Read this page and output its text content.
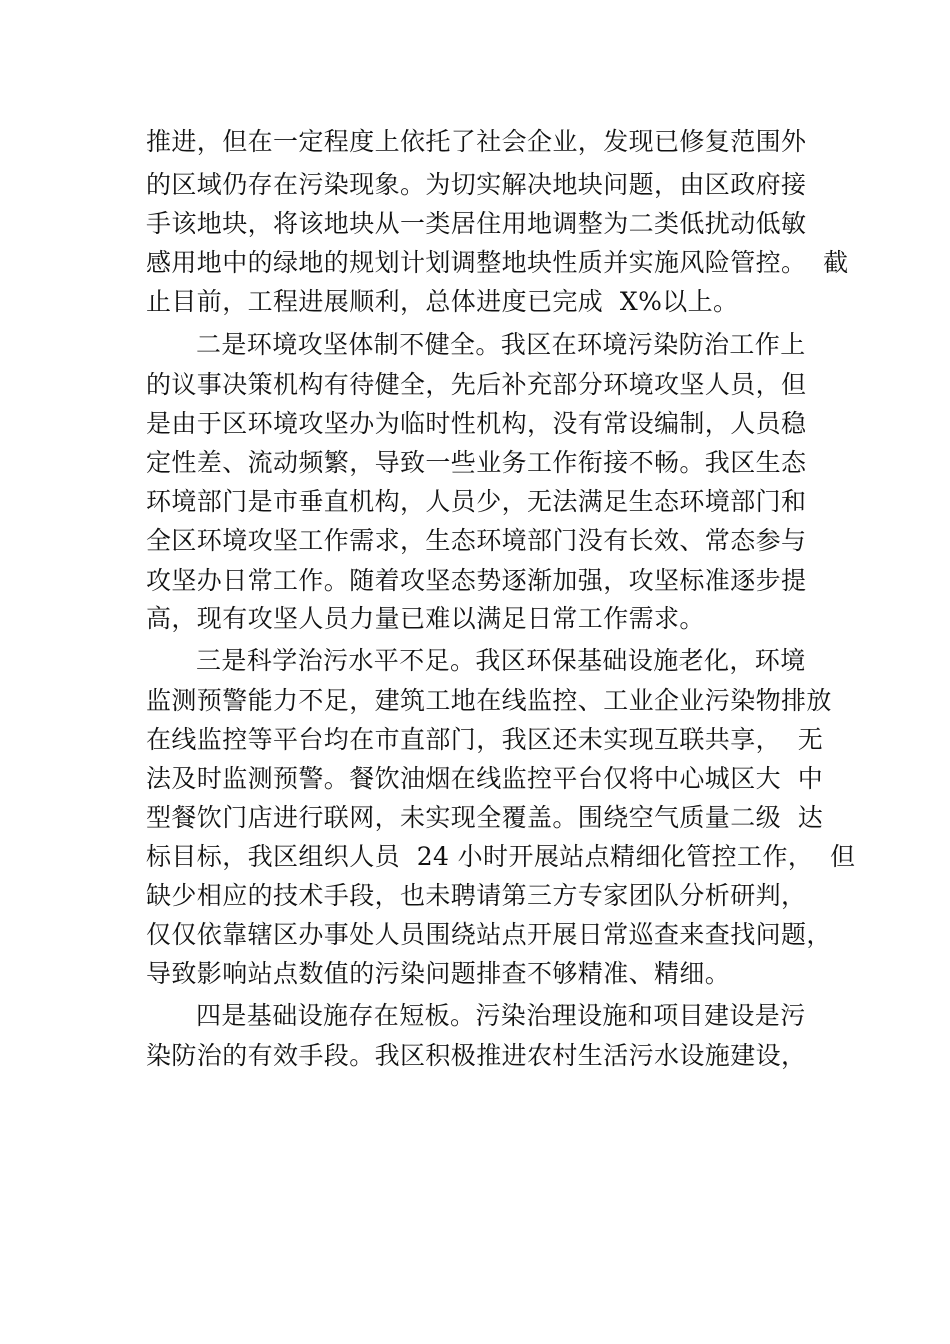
推进，但在一定程度上依托了社会企业，发现已修复范围外
的区域仍存在污染现象。为切实解决地块问题，由区政府接
手该地块，将该地块从一类居住用地调整为二类低扰动低敏
感用地中的绿地的规划计划调整地块性质并实施风险管控。  截
止目前，工程进展顺利，总体进度已完成  X%以上。
二是环境攻坚体制不健全。我区在环境污染防治工作上
的议事决策机构有待健全，先后补充部分环境攻坚人员，但
是由于区环境攻坚办为临时性机构，没有常设编制，人员稳
定性差、流动频繁，导致一些业务工作衔接不畅。我区生态
环境部门是市垂直机构，人员少，无法满足生态环境部门和
全区环境攻坚工作需求，生态环境部门没有长效、常态参与
攻坚办日常工作。随着攻坚态势逐渐加强，攻坚标准逐步提
高，现有攻坚人员力量已难以满足日常工作需求。
三是科学治污水平不足。我区环保基础设施老化，环境
监测预警能力不足，建筑工地在线监控、工业企业污染物排放
在线监控等平台均在市直部门，我区还未实现互联共享，  无
法及时监测预警。餐饮油烟在线监控平台仅将中心城区大  中
型餐饮门店进行联网，未实现全覆盖。围绕空气质量二级  达
标目标，我区组织人员  24 小时开展站点精细化管控工作，  但
缺少相应的技术手段，也未聘请第三方专家团队分析研判，
仅仅依靠辖区办事处人员围绕站点开展日常巡查来查找问题，
导致影响站点数值的污染问题排查不够精准、精细。
四是基础设施存在短板。污染治理设施和项目建设是污
染防治的有效手段。我区积极推进农村生活污水设施建设，
